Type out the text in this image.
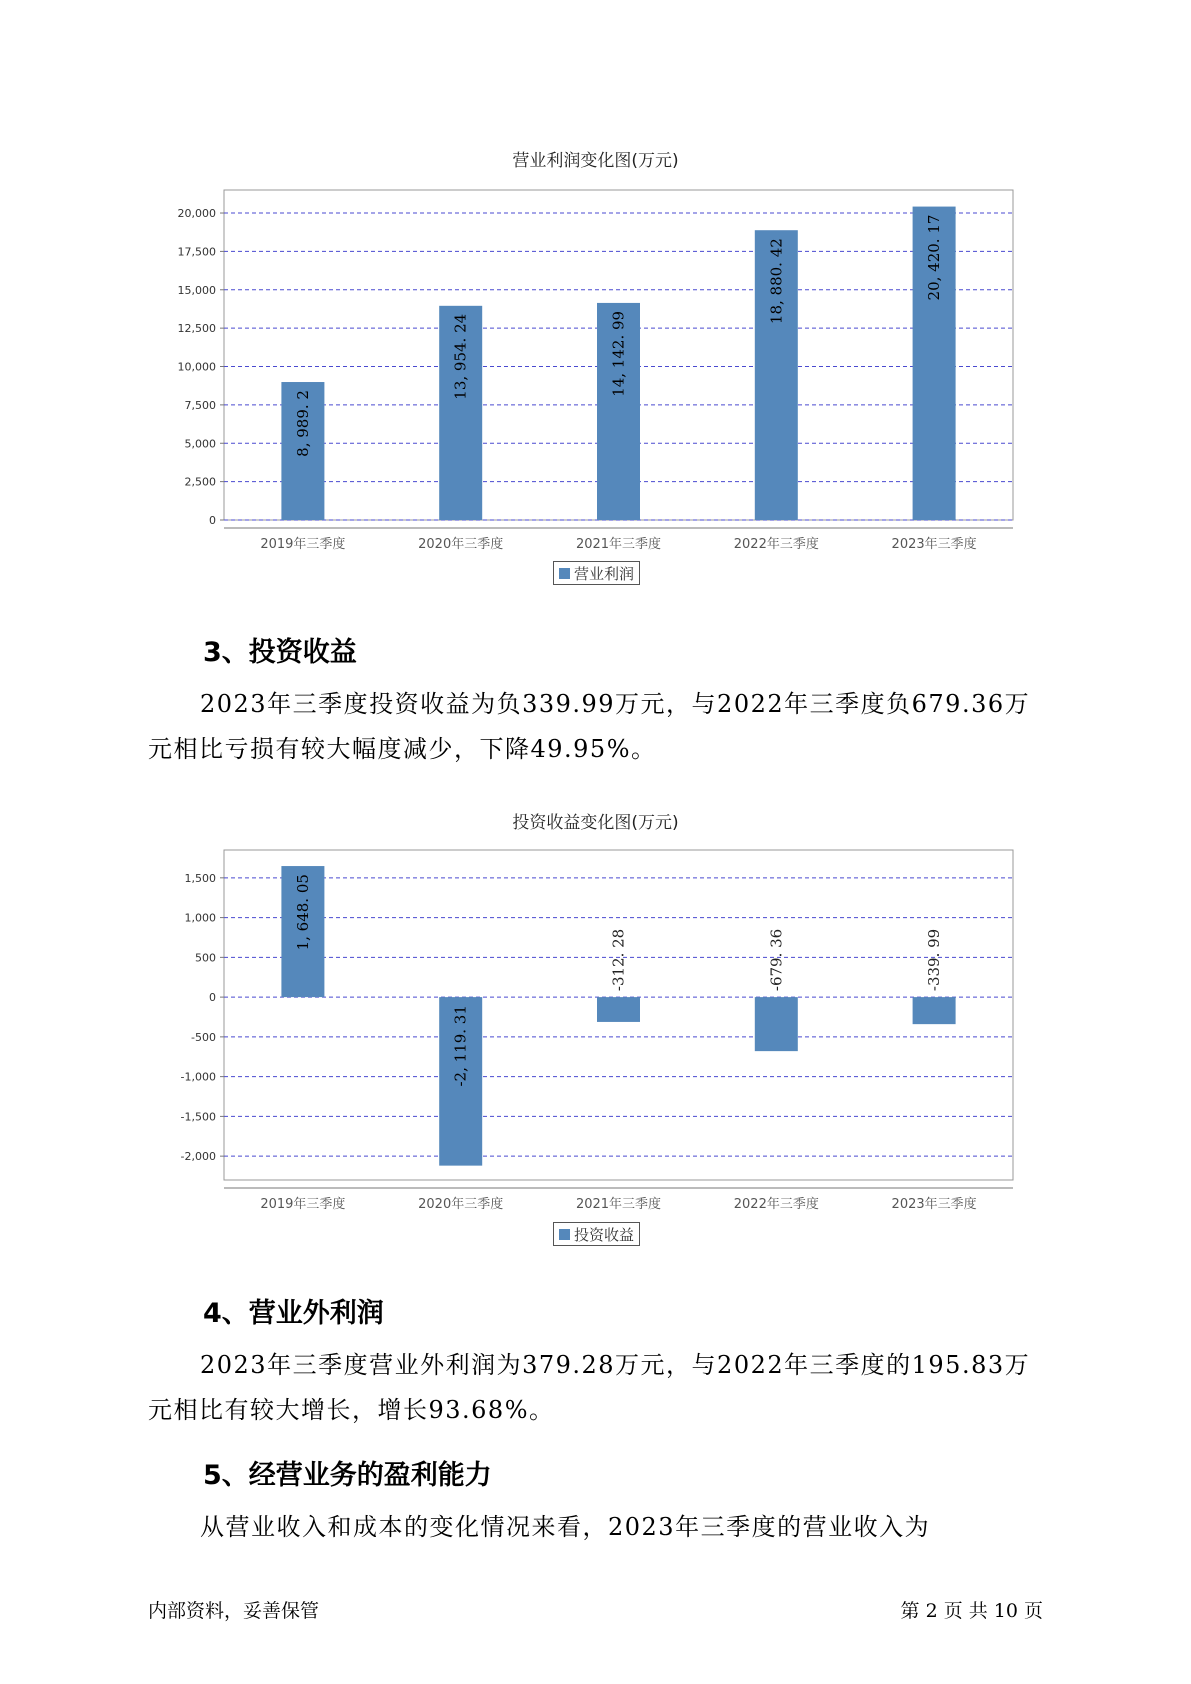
营业利润变化图(万元)
0
2,500
5,000
7,500
10,000
12,500
15,000
17,500
20,000
2019年三季度
8, 989. 2
2020年三季度
13, 954. 24
2021年三季度
14, 142. 99
2022年三季度
18, 880. 42
2023年三季度
20, 420. 17
营业利润
3、投资收益

2023年三季度投资收益为负339.99万元，与2022年三季度负679.36万元相比亏损有较大幅度减少，下降49.95%。

投资收益变化图(万元)
-2,000
-1,500
-1,000
-500
0
500
1,000
1,500
2019年三季度
1, 648. 05
2020年三季度
-2, 119. 31
2021年三季度
-312. 28
2022年三季度
-679. 36
2023年三季度
-339. 99
投资收益
4、营业外利润

2023年三季度营业外利润为379.28万元，与2022年三季度的195.83万元相比有较大增长，增长93.68%。

5、经营业务的盈利能力

从营业收入和成本的变化情况来看，2023年三季度的营业收入为

内部资料，妥善保管	第 2 页 共 10 页
